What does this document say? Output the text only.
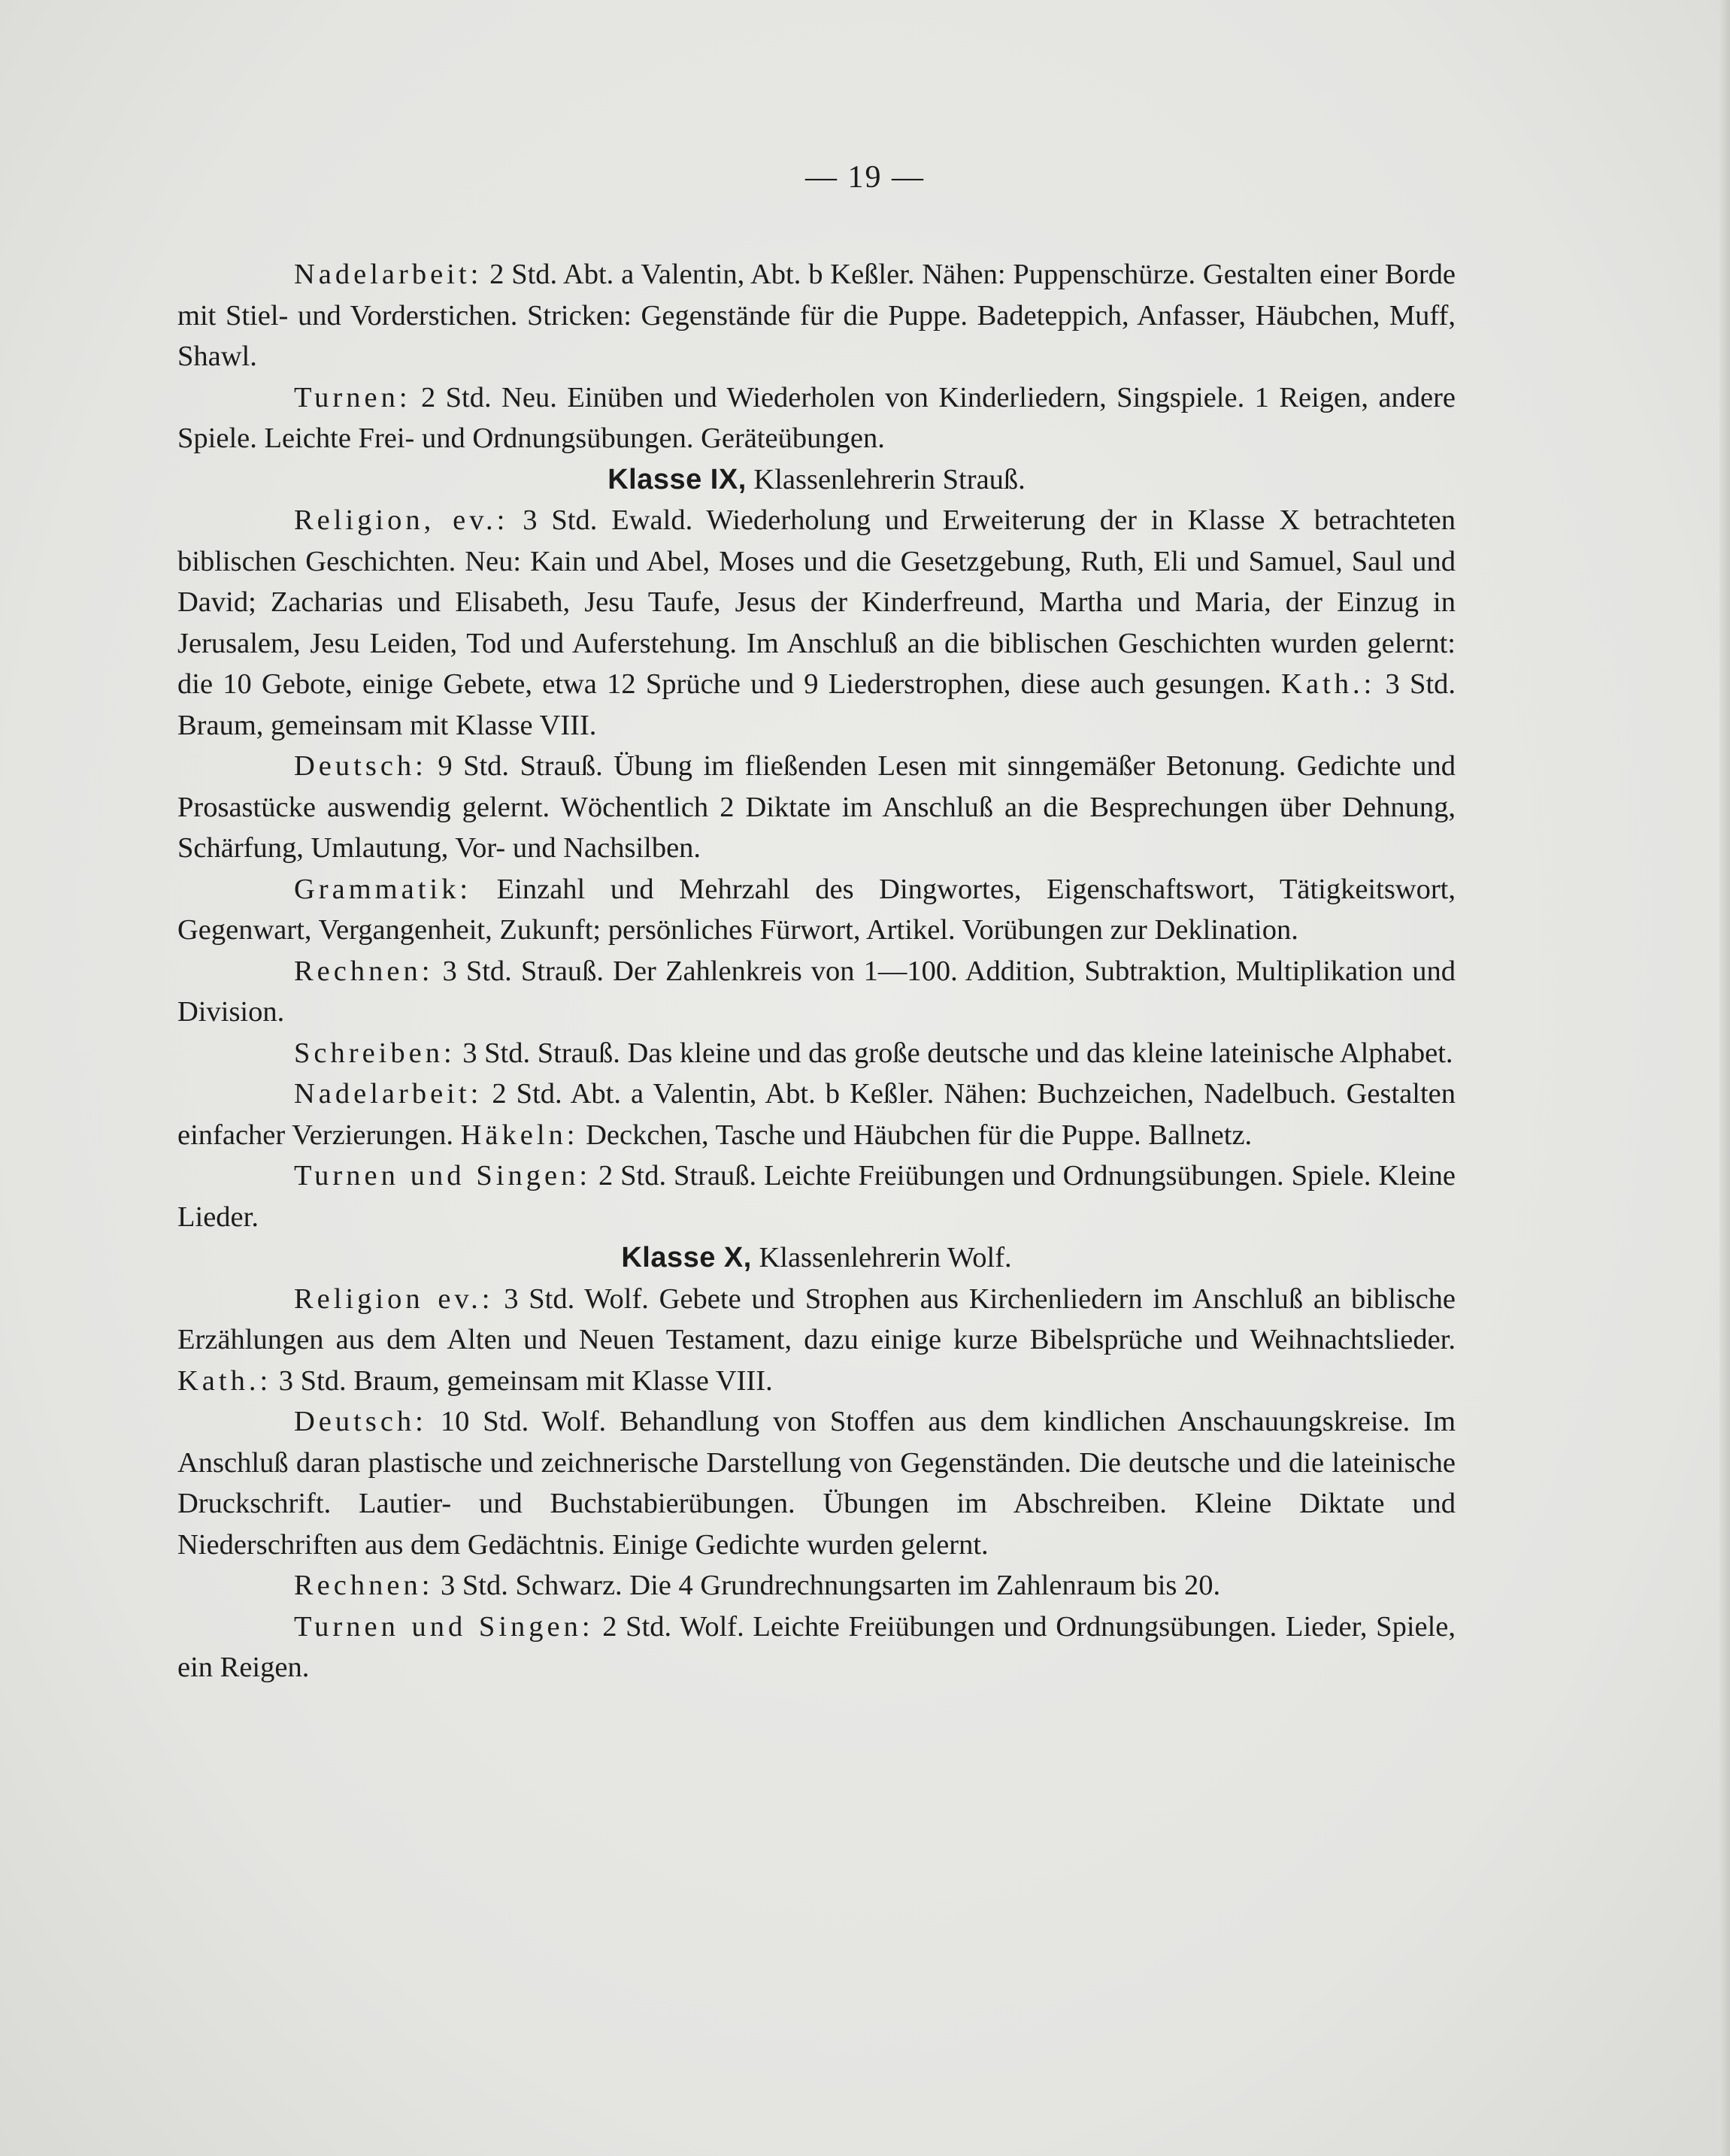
— 19 —

Nadelarbeit: 2 Std. Abt. a Valentin, Abt. b Keßler. Nähen: Puppenschürze. Gestalten einer Borde mit Stiel- und Vorderstichen. Stricken: Gegenstände für die Puppe. Badeteppich, Anfasser, Häubchen, Muff, Shawl.

Turnen: 2 Std. Neu. Einüben und Wiederholen von Kinderliedern, Singspiele. 1 Reigen, andere Spiele. Leichte Frei- und Ordnungsübungen. Geräteübungen.

Klasse IX, Klassenlehrerin Strauß.

Religion, ev.: 3 Std. Ewald. Wiederholung und Erweiterung der in Klasse X betrachteten biblischen Geschichten. Neu: Kain und Abel, Moses und die Gesetzgebung, Ruth, Eli und Samuel, Saul und David; Zacharias und Elisabeth, Jesu Taufe, Jesus der Kinderfreund, Martha und Maria, der Einzug in Jerusalem, Jesu Leiden, Tod und Auferstehung. Im Anschluß an die biblischen Geschichten wurden gelernt: die 10 Gebote, einige Gebete, etwa 12 Sprüche und 9 Liederstrophen, diese auch gesungen. Kath.: 3 Std. Braum, gemeinsam mit Klasse VIII.

Deutsch: 9 Std. Strauß. Übung im fließenden Lesen mit sinngemäßer Betonung. Gedichte und Prosastücke auswendig gelernt. Wöchentlich 2 Diktate im Anschluß an die Besprechungen über Dehnung, Schärfung, Umlautung, Vor- und Nachsilben.

Grammatik: Einzahl und Mehrzahl des Dingwortes, Eigenschaftswort, Tätigkeitswort, Gegenwart, Vergangenheit, Zukunft; persönliches Fürwort, Artikel. Vorübungen zur Deklination.

Rechnen: 3 Std. Strauß. Der Zahlenkreis von 1—100. Addition, Subtraktion, Multiplikation und Division.

Schreiben: 3 Std. Strauß. Das kleine und das große deutsche und das kleine lateinische Alphabet.

Nadelarbeit: 2 Std. Abt. a Valentin, Abt. b Keßler. Nähen: Buchzeichen, Nadelbuch. Gestalten einfacher Verzierungen. Häkeln: Deckchen, Tasche und Häubchen für die Puppe. Ballnetz.

Turnen und Singen: 2 Std. Strauß. Leichte Freiübungen und Ordnungsübungen. Spiele. Kleine Lieder.

Klasse X, Klassenlehrerin Wolf.

Religion ev.: 3 Std. Wolf. Gebete und Strophen aus Kirchenliedern im Anschluß an biblische Erzählungen aus dem Alten und Neuen Testament, dazu einige kurze Bibelsprüche und Weihnachtslieder. Kath.: 3 Std. Braum, gemeinsam mit Klasse VIII.

Deutsch: 10 Std. Wolf. Behandlung von Stoffen aus dem kindlichen Anschauungskreise. Im Anschluß daran plastische und zeichnerische Darstellung von Gegenständen. Die deutsche und die lateinische Druckschrift. Lautier- und Buchstabierübungen. Übungen im Abschreiben. Kleine Diktate und Niederschriften aus dem Gedächtnis. Einige Gedichte wurden gelernt.

Rechnen: 3 Std. Schwarz. Die 4 Grundrechnungsarten im Zahlenraum bis 20.

Turnen und Singen: 2 Std. Wolf. Leichte Freiübungen und Ordnungsübungen. Lieder, Spiele, ein Reigen.
